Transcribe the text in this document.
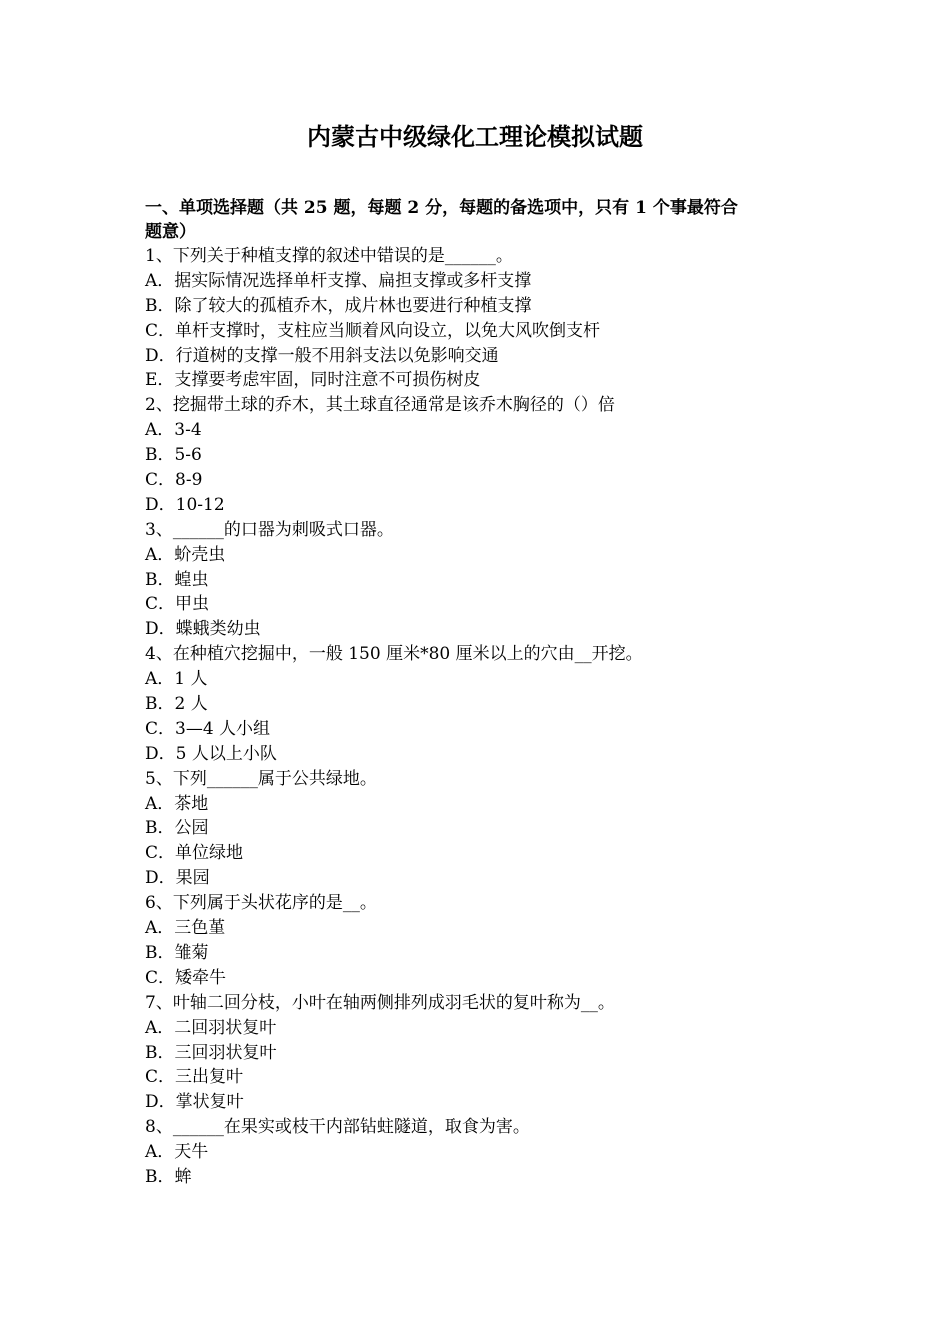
内蒙古中级绿化工理论模拟试题
一、单项选择题（共 25 题，每题 2 分，每题的备选项中，只有 1 个事最符合
题意）
1、下列关于种植支撑的叙述中错误的是______。
A．据实际情况选择单杆支撑、扁担支撑或多杆支撑
B．除了较大的孤植乔木，成片林也要进行种植支撑
C．单杆支撑时，支柱应当顺着风向设立，以免大风吹倒支杆
D．行道树的支撑一般不用斜支法以免影响交通
E．支撑要考虑牢固，同时注意不可损伤树皮
2、挖掘带土球的乔木，其土球直径通常是该乔木胸径的（）倍
A．3-4
B．5-6
C．8-9
D．10-12
3、______的口器为刺吸式口器。
A．蚧壳虫
B．蝗虫
C．甲虫
D．蝶蛾类幼虫
4、在种植穴挖掘中，一般 150 厘米*80 厘米以上的穴由__开挖。
A．1 人
B．2 人
C．3—4 人小组
D．5 人以上小队
5、下列______属于公共绿地。
A．茶地
B．公园
C．单位绿地
D．果园
6、下列属于头状花序的是__。
A．三色堇
B．雏菊
C．矮牵牛
7、叶轴二回分枝，小叶在轴两侧排列成羽毛状的复叶称为__。
A．二回羽状复叶
B．三回羽状复叶
C．三出复叶
D．掌状复叶
8、______在果实或枝干内部钻蛀隧道，取食为害。
A．天牛
B．蛑
